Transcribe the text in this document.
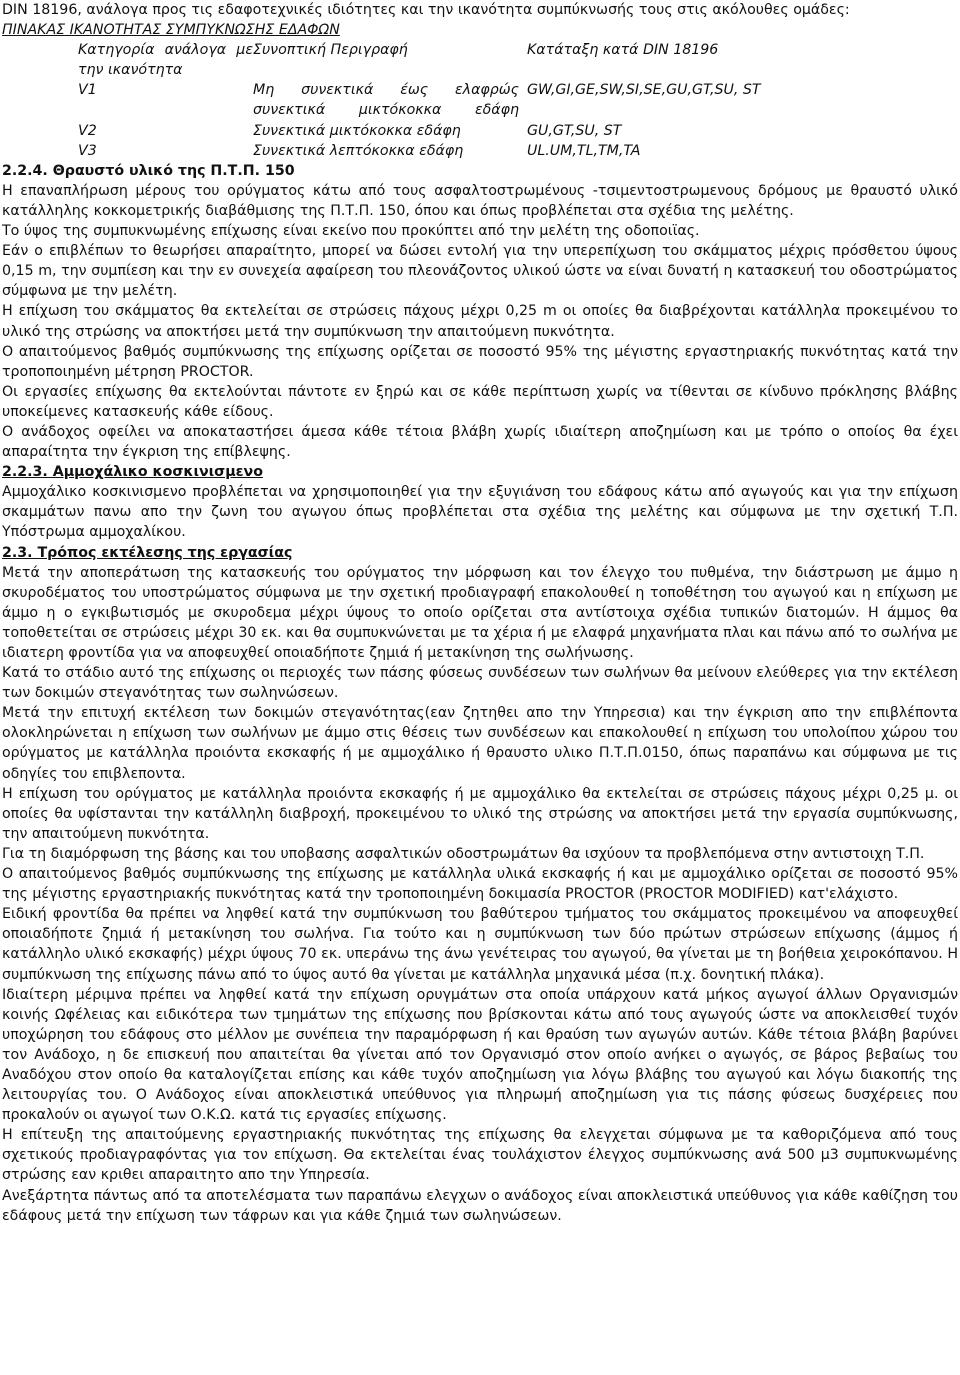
DIN 18196, ανάλογα προς τις εδαφοτεχνικές ιδιότητες και την ικανότητα συμπύκνωσής τους στις ακόλουθες ομάδες:
ΠΙΝΑΚΑΣ ΙΚΑΝΟΤΗΤΑΣ ΣΥΜΠΥΚΝΩΣΗΣ ΕΔΑΦΩΝ
Κατηγορία ανάλογα με την ικανότητα	Συνοπτική Περιγραφή	Κατάταξη κατά DIN 18196
V1	Μη συνεκτικά έως ελαφρώς συνεκτικά μικτόκοκκα εδάφη	GW,GI,GE,SW,SI,SE,GU,GT,SU, ST
V2	Συνεκτικά μικτόκοκκα εδάφη	GU,GT,SU, ST
V3	Συνεκτικά λεπτόκοκκα εδάφη	UL.UM,TL,TM,TA
2.2.4. Θραυστό υλικό της Π.Τ.Π. 150

Η επαναπλήρωση μέρους του ορύγματος κάτω από τους ασφαλτοστρωμένους -τσιμεντοστρωμενους δρόμους με θραυστό υλικό κατάλληλης κοκκομετρικής διαβάθμισης της Π.Τ.Π. 150, όπου και όπως προβλέπεται στα σχέδια της μελέτης.

Το ύψος της συμπυκνωμένης επίχωσης είναι εκείνο που προκύπτει από την μελέτη της οδοποιϊας.

Εάν ο επιβλέπων το θεωρήσει απαραίτητο, μπορεί να δώσει εντολή για την υπερεπίχωση του σκάμματος μέχρις πρόσθετου ύψους 0,15 m, την συμπίεση και την εν συνεχεία αφαίρεση του πλεονάζοντος υλικού ώστε να είναι δυνατή η κατασκευή του οδοστρώματος σύμφωνα με την μελέτη.

Η επίχωση του σκάμματος θα εκτελείται σε στρώσεις πάχους μέχρι 0,25 m οι οποίες θα διαβρέχονται κατάλληλα προκειμένου το υλικό της στρώσης να αποκτήσει μετά την συμπύκνωση την απαιτούμενη πυκνότητα.

Ο απαιτούμενος βαθμός συμπύκνωσης της επίχωσης ορίζεται σε ποσοστό 95% της μέγιστης εργαστηριακής πυκνότητας κατά την τροποποιημένη μέτρηση PROCTOR.

Οι εργασίες επίχωσης θα εκτελούνται πάντοτε εν ξηρώ και σε κάθε περίπτωση χωρίς να τίθενται σε κίνδυνο πρόκλησης βλάβης υποκείμενες κατασκευής κάθε είδους.

Ο ανάδοχος οφείλει να αποκαταστήσει άμεσα κάθε τέτοια βλάβη χωρίς ιδιαίτερη αποζημίωση και με τρόπο ο οποίος θα έχει απαραίτητα την έγκριση της επίβλεψης.

2.2.3. Αμμοχάλικο κοσκινισμενο

Αμμοχάλικο κοσκινισμενο προβλέπεται να χρησιμοποιηθεί για την εξυγιάνση του εδάφους κάτω από αγωγούς και για την επίχωση σκαμμάτων πανω απο την ζωνη του αγωγου όπως προβλέπεται στα σχέδια της μελέτης και σύμφωνα με την σχετική Τ.Π. Υπόστρωμα αμμοχαλίκου.

2.3. Τρόπος εκτέλεσης της εργασίας

Μετά την αποπεράτωση της κατασκευής του ορύγματος την μόρφωση και τον έλεγχο του πυθμένα, την διάστρωση με άμμο η σκυροδέματος του υποστρώματος σύμφωνα με την σχετική προδιαγραφή επακολουθεί η τοποθέτηση του αγωγού και η επίχωση με άμμο η ο εγκιβωτισμός με σκυροδεμα μέχρι ύψους το οποίο ορίζεται στα αντίστοιχα σχέδια τυπικών διατομών. Η άμμος θα τοποθετείται σε στρώσεις μέχρι 30 εκ. και θα συμπυκνώνεται με τα χέρια ή με ελαφρά μηχανήματα πλαι και πάνω από το σωλήνα με ιδιατερη φροντίδα για να αποφευχθεί οποιαδήποτε ζημιά ή μετακίνηση της σωλήνωσης.

Κατά το στάδιο αυτό της επίχωσης οι περιοχές των πάσης φύσεως συνδέσεων των σωλήνων θα μείνουν ελεύθερες για την εκτέλεση των δοκιμών στεγανότητας των σωληνώσεων.

Μετά την επιτυχή εκτέλεση των δοκιμών στεγανότητας(εαν ζητηθει απο την Υπηρεσια) και την έγκριση απο την επιβλέποντα ολοκληρώνεται η επίχωση των σωλήνων με άμμο στις θέσεις των συνδέσεων και επακολουθεί η επίχωση του υπολοίπου χώρου του ορύγματος με κατάλληλα προιόντα εκσκαφής ή με αμμοχάλικο ή θραυστο υλικο Π.Τ.Π.0150, όπως παραπάνω και σύμφωνα με τις οδηγίες του επιβλεποντα.

Η επίχωση του ορύγματος με κατάλληλα προιόντα εκσκαφής ή με αμμοχάλικο θα εκτελείται σε στρώσεις πάχους μέχρι 0,25 μ. οι οποίες θα υφίστανται την κατάλληλη διαβροχή, προκειμένου το υλικό της στρώσης να αποκτήσει μετά την εργασία συμπύκνωσης, την απαιτούμενη πυκνότητα.

Για τη διαμόρφωση της βάσης και του υποβασης ασφαλτικών οδοστρωμάτων θα ισχύουν τα προβλεπόμενα στην αντιστοιχη Τ.Π.

Ο απαιτούμενος βαθμός συμπύκνωσης της επίχωσης με κατάλληλα υλικά εκσκαφής ή και με αμμοχάλικο ορίζεται σε ποσοστό 95% της μέγιστης εργαστηριακής πυκνότητας κατά την τροποποιημένη δοκιμασία PROCTOR (PROCTOR MODIFIED) κατ'ελάχιστο.

Ειδική φροντίδα θα πρέπει να ληφθεί κατά την συμπύκνωση του βαθύτερου τμήματος του σκάμματος προκειμένου να αποφευχθεί οποιαδήποτε ζημιά ή μετακίνηση του σωλήνα. Για τούτο και η συμπύκνωση των δύο πρώτων στρώσεων επίχωσης (άμμος ή κατάλληλο υλικό εκσκαφής) μέχρι ύψους 70 εκ. υπεράνω της άνω γενέτειρας του αγωγού, θα γίνεται με τη βοήθεια χειροκόπανου. Η συμπύκνωση της επίχωσης πάνω από το ύψος αυτό θα γίνεται με κατάλληλα μηχανικά μέσα (π.χ. δονητική πλάκα).

Ιδιαίτερη μέριμνα πρέπει να ληφθεί κατά την επίχωση ορυγμάτων στα οποία υπάρχουν κατά μήκος αγωγοί άλλων Οργανισμών κοινής Ωφέλειας και ειδικότερα των τμημάτων της επίχωσης που βρίσκονται κάτω από τους αγωγούς ώστε να αποκλεισθεί τυχόν υποχώρηση του εδάφους στο μέλλον με συνέπεια την παραμόρφωση ή και θραύση των αγωγών αυτών. Κάθε τέτοια βλάβη βαρύνει τον Ανάδοχο, η δε επισκευή που απαιτείται θα γίνεται από τον Οργανισμό στον οποίο ανήκει ο αγωγός, σε βάρος βεβαίως του Αναδόχου στον οποίο θα καταλογίζεται επίσης και κάθε τυχόν αποζημίωση για λόγω βλάβης του αγωγού και λόγω διακοπής της λειτουργίας του. Ο Ανάδοχος είναι αποκλειστικά υπεύθυνος για πληρωμή αποζημίωση για τις πάσης φύσεως δυσχέρειες που προκαλούν οι αγωγοί των Ο.Κ.Ω. κατά τις εργασίες επίχωσης.

Η επίτευξη της απαιτούμενης εργαστηριακής πυκνότητας της επίχωσης θα ελεγχεται σύμφωνα με τα καθοριζόμενα από τους σχετικούς προδιαγραφόντας για τον επίχωση. Θα εκτελείται ένας τουλάχιστον έλεγχος συμπύκνωσης ανά 500 μ3 συμπυκνωμένης στρώσης εαν κριθει απαραιτητο απο την Υπηρεσία.

Ανεξάρτητα πάντως από τα αποτελέσματα των παραπάνω ελεγχων ο ανάδοχος είναι αποκλειστικά υπεύθυνος για κάθε καθίζηση του εδάφους μετά την επίχωση των τάφρων και για κάθε ζημιά των σωληνώσεων.
